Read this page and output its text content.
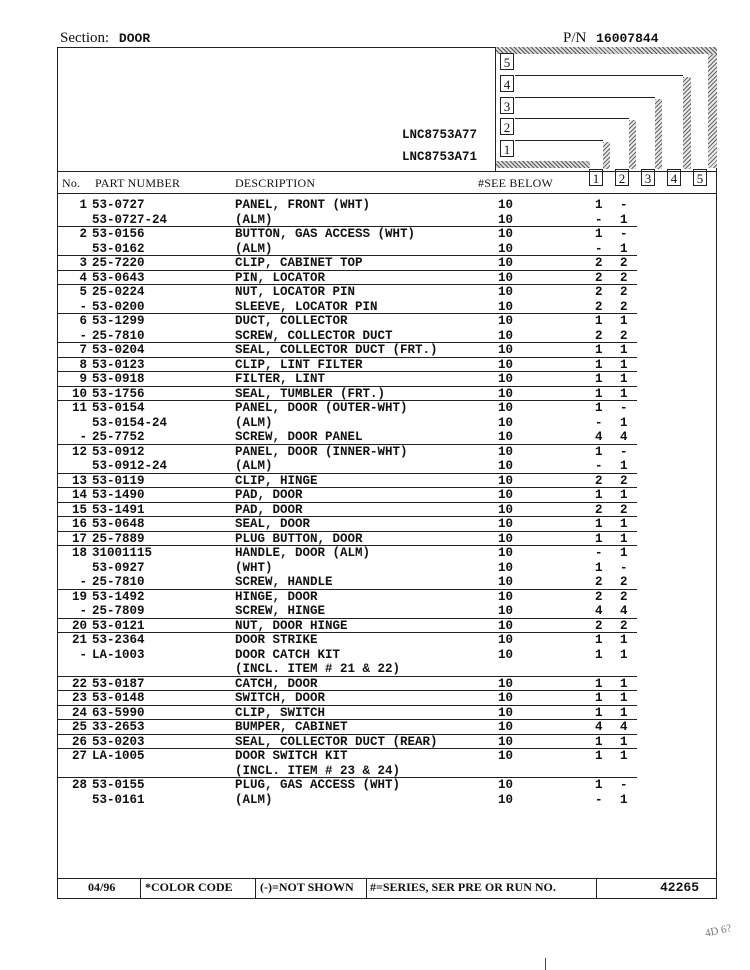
Section: DOOR	P/N 16007844
5
4
3
2
1
1 2 3 4 5
LNC8753A77
LNC8753A71
No. PART NUMBER	DESCRIPTION	#SEE BELOW
1 53-0727	PANEL, FRONT (WHT)	10	1 -
53-0727-24	(ALM)	10	- 1
2 53-0156	BUTTON, GAS ACCESS (WHT)	10	1 -
53-0162	(ALM)	10	- 1
3 25-7220	CLIP, CABINET TOP	10	2 2
4 53-0643	PIN, LOCATOR	10	2 2
5 25-0224	NUT, LOCATOR PIN	10	2 2
- 53-0200	SLEEVE, LOCATOR PIN	10	2 2
6 53-1299	DUCT, COLLECTOR	10	1 1
- 25-7810	SCREW, COLLECTOR DUCT	10	2 2
7 53-0204	SEAL, COLLECTOR DUCT (FRT.)	10	1 1
8 53-0123	CLIP, LINT FILTER	10	1 1
9 53-0918	FILTER, LINT	10	1 1
10 53-1756	SEAL, TUMBLER (FRT.)	10	1 1
11 53-0154	PANEL, DOOR (OUTER-WHT)	10	1 -
53-0154-24	(ALM)	10	- 1
- 25-7752	SCREW, DOOR PANEL	10	4 4
12 53-0912	PANEL, DOOR (INNER-WHT)	10	1 -
53-0912-24	(ALM)	10	- 1
13 53-0119	CLIP, HINGE	10	2 2
14 53-1490	PAD, DOOR	10	1 1
15 53-1491	PAD, DOOR	10	2 2
16 53-0648	SEAL, DOOR	10	1 1
17 25-7889	PLUG BUTTON, DOOR	10	1 1
18 31001115	HANDLE, DOOR (ALM)	10	- 1
53-0927	(WHT)	10	1 -
- 25-7810	SCREW, HANDLE	10	2 2
19 53-1492	HINGE, DOOR	10	2 2
- 25-7809	SCREW, HINGE	10	4 4
20 53-0121	NUT, DOOR HINGE	10	2 2
21 53-2364	DOOR STRIKE	10	1 1
- LA-1003	DOOR CATCH KIT	10	1 1
(INCL. ITEM # 21 & 22)
22 53-0187	CATCH, DOOR	10	1 1
23 53-0148	SWITCH, DOOR	10	1 1
24 63-5990	CLIP, SWITCH	10	1 1
25 33-2653	BUMPER, CABINET	10	4 4
26 53-0203	SEAL, COLLECTOR DUCT (REAR)	10	1 1
27 LA-1005	DOOR SWITCH KIT	10	1 1
(INCL. ITEM # 23 & 24)
28 53-0155	PLUG, GAS ACCESS (WHT)	10	1 -
53-0161	(ALM)	10	- 1
04/96 *COLOR CODE (-)=NOT SHOWN #=SERIES, SER PRE OR RUN NO.	42265
4D 6?
